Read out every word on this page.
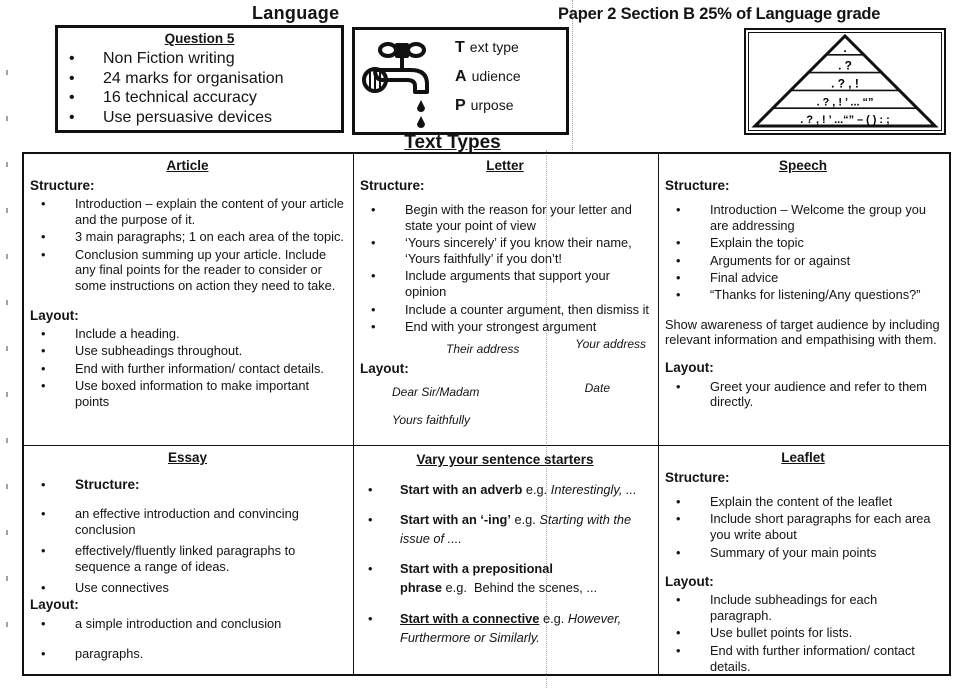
Language	Paper 2 Section B 25% of Language grade
Question 5
• Non Fiction writing
• 24 marks for organisation
• 16 technical accuracy
• Use persuasive devices
T ext type
A udience
P urpose
.
. ?
. ? , !
. ? , ! ’ ... “”
. ? , ! ’ ...“” – ( ) : ;
Text Types
Article
Structure:
• Introduction – explain the content of your article and the purpose of it.
• 3 main paragraphs; 1 on each area of the topic.
• Conclusion summing up your article. Include any final points for the reader to consider or some instructions on action they need to take.
Layout:
• Include a heading.
• Use subheadings throughout.
• End with further information/ contact details.
• Use boxed information to make important points
Letter
Structure:
• Begin with the reason for your letter and state your point of view
• ‘Yours sincerely’ if you know their name, ‘Yours faithfully’ if you don’t!
• Include arguments that support your opinion
• Include a counter argument, then dismiss it
• End with your strongest argument
Their address	Your address
Layout:
Dear Sir/Madam	Date
Yours faithfully
Speech
Structure:
• Introduction – Welcome the group you are addressing
• Explain the topic
• Arguments for or against
• Final advice
• “Thanks for listening/Any questions?”
Show awareness of target audience by including relevant information and empathising with them.
Layout:
• Greet your audience and refer to them directly.
Essay
• Structure:
• an effective introduction and convincing conclusion
• effectively/fluently linked paragraphs to sequence a range of ideas.
• Use connectives
Layout:
• a simple introduction and conclusion
• paragraphs.
Vary your sentence starters
• Start with an adverb e.g. Interestingly, ...
• Start with an ‘-ing’ e.g. Starting with the issue of ....
• Start with a prepositional phrase e.g. Behind the scenes, ...
• Start with a connective e.g. However, Furthermore or Similarly.
Leaflet
Structure:
• Explain the content of the leaflet
• Include short paragraphs for each area you write about
• Summary of your main points
Layout:
• Include subheadings for each paragraph.
• Use bullet points for lists.
• End with further information/ contact details.
